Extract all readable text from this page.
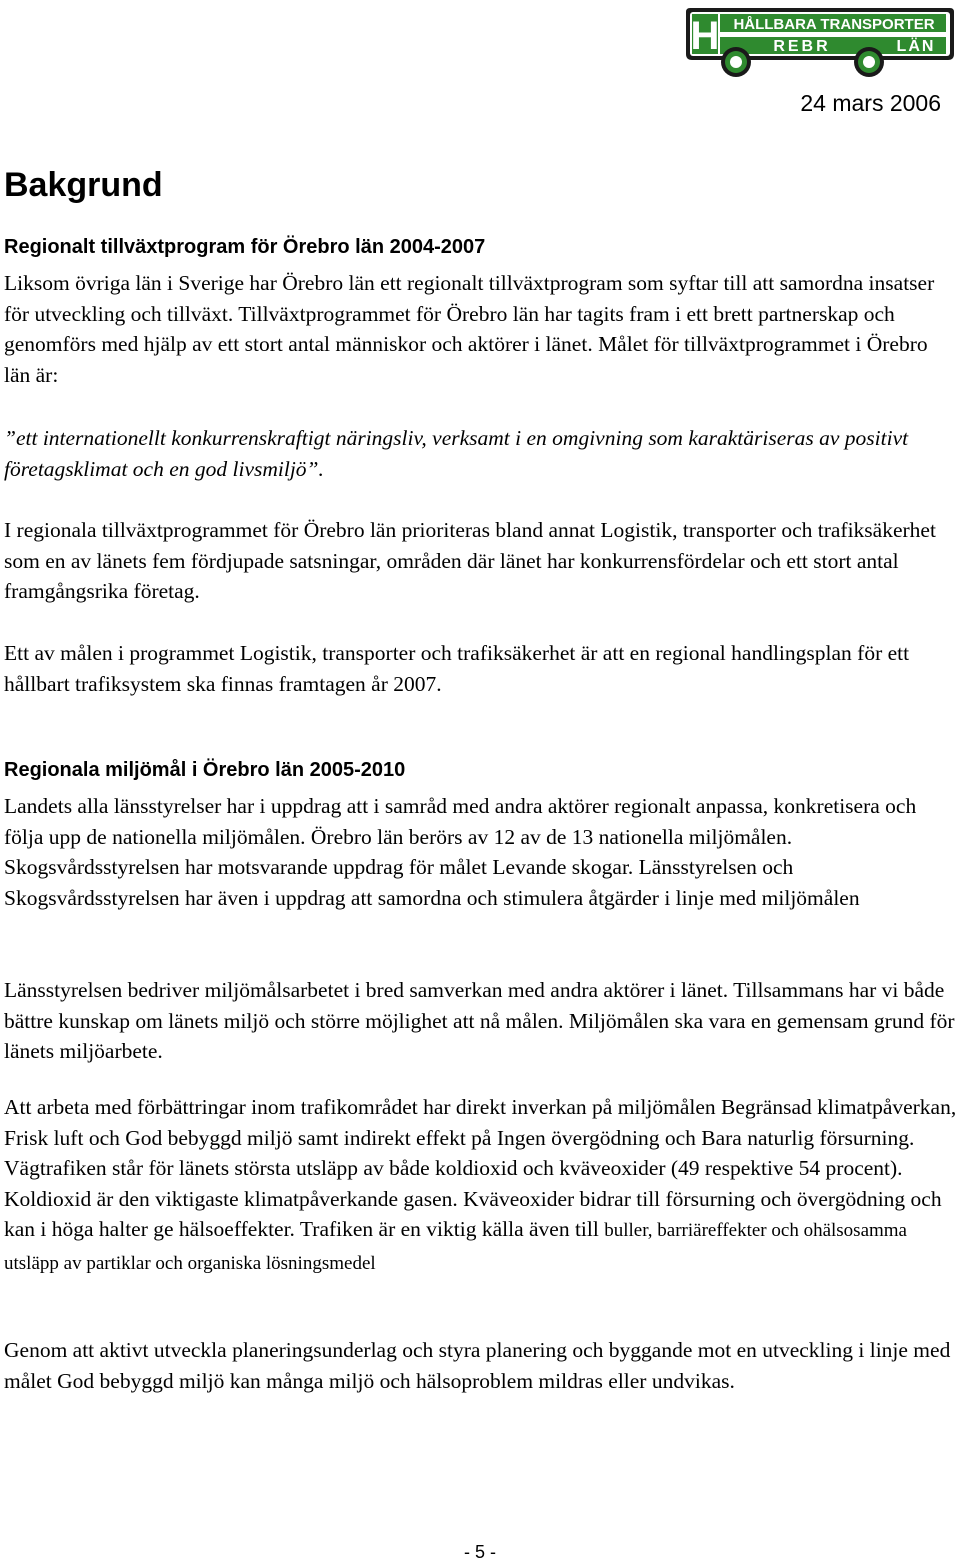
H HÅLLBARA TRANSPORTER
REBR	LÄN
24 mars 2006
Bakgrund
Regionalt tillväxtprogram för Örebro län 2004-2007

Liksom övriga län i Sverige har Örebro län ett regionalt tillväxtprogram som syftar till att samordna insatser för utveckling och tillväxt. Tillväxtprogrammet för Örebro län har tagits fram i ett brett partnerskap och genomförs med hjälp av ett stort antal människor och aktörer i länet. Målet för tillväxtprogrammet i Örebro län är:

”ett internationellt konkurrenskraftigt näringsliv, verksamt i en omgivning som karaktäriseras av positivt företagsklimat och en god livsmiljö”.

I regionala tillväxtprogrammet för Örebro län prioriteras bland annat Logistik, transporter och trafiksäkerhet som en av länets fem fördjupade satsningar, områden där länet har konkurrensfördelar och ett stort antal framgångsrika företag.

Ett av målen i programmet Logistik, transporter och trafiksäkerhet är att en regional handlingsplan för ett hållbart trafiksystem ska finnas framtagen år 2007.

Regionala miljömål i Örebro län 2005-2010

Landets alla länsstyrelser har i uppdrag att i samråd med andra aktörer regionalt anpassa, konkretisera och följa upp de nationella miljömålen. Örebro län berörs av 12 av de 13 nationella miljömålen. Skogsvårdsstyrelsen har motsvarande uppdrag för målet Levande skogar. Länsstyrelsen och Skogsvårdsstyrelsen har även i uppdrag att samordna och stimulera åtgärder i linje med miljömålen

Länsstyrelsen bedriver miljömålsarbetet i bred samverkan med andra aktörer i länet. Tillsammans har vi både bättre kunskap om länets miljö och större möjlighet att nå målen. Miljömålen ska vara en gemensam grund för länets miljöarbete.

Att arbeta med förbättringar inom trafikområdet har direkt inverkan på miljömålen Begränsad klimatpåverkan, Frisk luft och God bebyggd miljö samt indirekt effekt på Ingen övergödning och Bara naturlig försurning. Vägtrafiken står för länets största utsläpp av både koldioxid och kväveoxider (49 respektive 54 procent). Koldioxid är den viktigaste klimatpåverkande gasen. Kväveoxider bidrar till försurning och övergödning och kan i höga halter ge hälsoeffekter. Trafiken är en viktig källa även till buller, barriäreffekter och ohälsosamma utsläpp av partiklar och organiska lösningsmedel

Genom att aktivt utveckla planeringsunderlag och styra planering och byggande mot en utveckling i linje med målet God bebyggd miljö kan många miljö och hälsoproblem mildras eller undvikas.

- 5 -
